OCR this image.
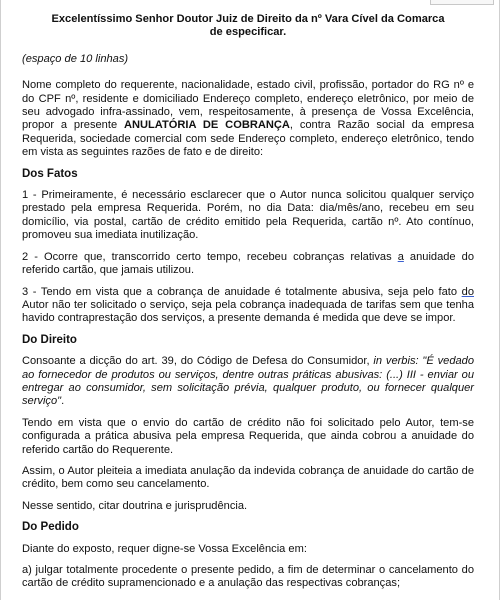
Excelentíssimo Senhor Doutor Juiz de Direito da nº Vara Cível da Comarca
de especificar.

(espaço de 10 linhas)

Nome completo do requerente, nacionalidade, estado civil, profissão, portador do RG nº e do CPF nº, residente e domiciliado Endereço completo, endereço eletrônico, por meio de seu advogado infra-assinado, vem, respeitosamente, à presença de Vossa Excelência, propor a presente ANULATÓRIA DE COBRANÇA, contra Razão social da empresa Requerida, sociedade comercial com sede Endereço completo, endereço eletrônico, tendo em vista as seguintes razões de fato e de direito:

Dos Fatos

1 - Primeiramente, é necessário esclarecer que o Autor nunca solicitou qualquer serviço prestado pela empresa Requerida. Porém, no dia Data: dia/mês/ano, recebeu em seu domicílio, via postal, cartão de crédito emitido pela Requerida, cartão nº. Ato contínuo, promoveu sua imediata inutilização.

2 - Ocorre que, transcorrido certo tempo, recebeu cobranças relativas a anuidade do referido cartão, que jamais utilizou.

3 - Tendo em vista que a cobrança de anuidade é totalmente abusiva, seja pelo fato do Autor não ter solicitado o serviço, seja pela cobrança inadequada de tarifas sem que tenha havido contraprestação dos serviços, a presente demanda é medida que deve se impor.

Do Direito

Consoante a dicção do art. 39, do Código de Defesa do Consumidor, in verbis: "É vedado ao fornecedor de produtos ou serviços, dentre outras práticas abusivas: (...) III - enviar ou entregar ao consumidor, sem solicitação prévia, qualquer produto, ou fornecer qualquer serviço".

Tendo em vista que o envio do cartão de crédito não foi solicitado pelo Autor, tem-se configurada a prática abusiva pela empresa Requerida, que ainda cobrou a anuidade do referido cartão do Requerente.

Assim, o Autor pleiteia a imediata anulação da indevida cobrança de anuidade do cartão de crédito, bem como seu cancelamento.

Nesse sentido, citar doutrina e jurisprudência.

Do Pedido

Diante do exposto, requer digne-se Vossa Excelência em:

a) julgar totalmente procedente o presente pedido, a fim de determinar o cancelamento do cartão de crédito supramencionado e a anulação das respectivas cobranças;
